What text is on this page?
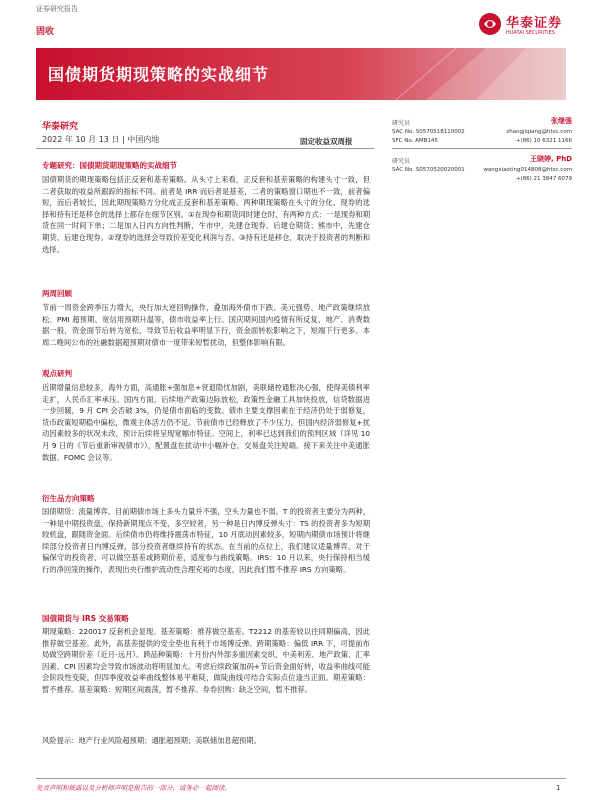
证券研究报告
华泰证券
HUATAI SECURITIES
固收
国债期货期现策略的实战细节
华泰研究
2022 年 10 月 13 日 | 中国内地	固定收益双周报
研究员	张继强
SAC No. S0570518110002	zhangjiqiang@htsc.com
SFC No. AMB145	+(86) 10 6321 1166
研究员	王晓婷, PhD
SAC No. S0570520020001	wangxiaoting014808@htsc.com
+(86) 21 3847 6079
专题研究：国债期货期现策略的实战细节
国债期货的期现策略包括正反套和基差策略。从头寸上来看，正反套和基差策略的构建头寸一致，但二者获取的收益所跟踪的指标不同。前者是 IRR 而后者是基差，二者的策略窗口期也不一致，前者偏短，而后者较长，因此期现策略方分化成正反套和基差策略。两种期现策略在头寸的分化、现券的选择和持有还是移仓的选择上都存在细节区别。①在现券和期货同时建仓时，有两种方式：一是现券和期货在同一时间下单；二是加入日内方向性判断，牛市中，先建仓现券、后建仓期货；熊市中，先建仓期货、后建仓现券。②现券的选择会导致价差变化利润与否。③持有还是移仓，取决于投资者的判断和选择。
两周回顾
节前一周资金跨季压力增大，央行加大逆回购操作，叠加海外债市下跌、美元强势、地产政策继续放松、PMI 超预期、宽信用预期升温等，债市收益率上行。国庆期间国内疫情有所反复，地产、消费数据一般，资金面节后转为宽松，导致节后收益率明显下行，资金面转松影响之下，短端下行更多。本周二晚间公布的社融数据超预期对债市一度带来短暂扰动，但整体影响有限。
观点研判
近期增量信息较多，海外方面，高通胀+强加息+衰退隐忧加剧，美联储控通胀决心强，使得美债利率走扩，人民币汇率承压。国内方面，后续地产政策边际放松，政策性金融工具加快投放，信贷数据进一步回暖，9 月 CPI 会否破 3%，仍是债市面临的变数。债市主要支撑因素在于经济仍处于弱修复，货币政策短期稳中偏松，微观主体活力仍不足。节前债市已经释放了不少压力，但国内经济弱修复+扰动因素较多的状况未改，预计后续将呈现宽幅市特征。空间上，利率已达到我们的预判区域（详见 10 月 9 日的《节后重新审视债市》），配置盘在扰动中小幅补仓，交易盘关注短端。接下来关注中美通胀数据、FOMC 会议等。
衍生品方向策略
国债期货：流量博弈。目前期债市场上多头力量并不强，空头力量也不弱。T 的投资者主要分为两种，一种是中期投资盘，保持新期现点不变，多空较者，另一种是日内博反弹头寸：TS 的投资者多为短期较机盘，跟随资金面。后续债市仍将维持震荡市特征，10 月底动因素较多，短期内期债市场预计将继续部分投资者日内博反弹，部分投资者继续持有的状态。在当前的点位上，我们建议适量博弈。对于偏保守的投资者，可以做空基差或跨期价差，适度参与曲线策略。IRS：10 月以来，央行保持相当缓行的净回笼的操作，表现出央行维护流动性合理充裕的态度，因此我们暂不推荐 IRS 方向策略。
国债期货与 IRS 交易策略
期现策略：220017 反套机会显现。基差策略：推荐做空基差。T2212 的基差较以往同期偏高，因此推荐做空基差。此外，高基差提供的安全垫也有利于市场博反弹。跨期策略：偏低 IRR 下，可提前布局做空跨期价差（近月-远月）。跨品种策略：十月份内外部多重因素交织，中美利差、地产政策、汇率因素、CPI 因素均会导致市场波动将明显加大。考虑后续政策加码+节后资金面好转，收益率曲线可能会阶段性变陡，但四季度收益率曲线整体易平难陡，做陡曲线可结合实际点位逢当正面。期差策略：暂不推荐。基差策略：短期区间震荡，暂不推荐。券券回购：缺乏空间，暂不推荐。
风险提示：地产行业风险超预期；通胀超预期；美联储加息超预期。
免责声明和披露以及分析师声明是报告的一部分，请务必一起阅读。	1
